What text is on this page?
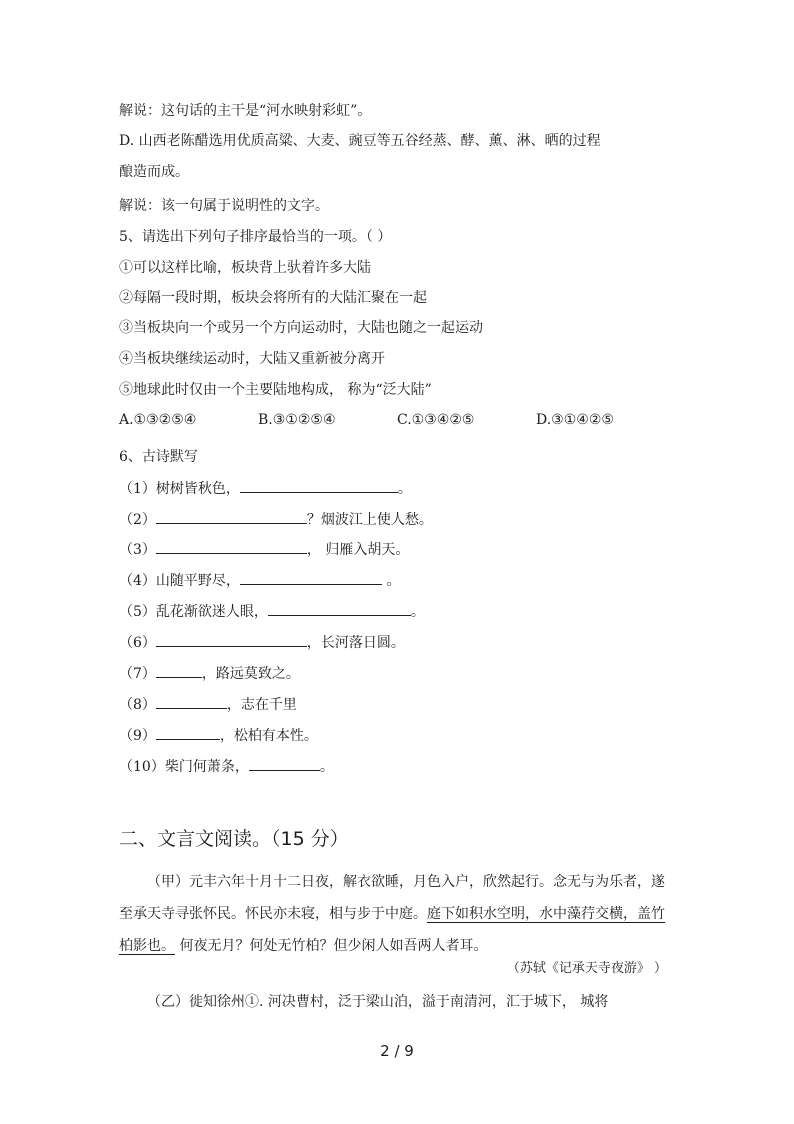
解说：这句话的主干是“河水映射彩虹”。
D. 山西老陈醋选用优质高粱、大麦、豌豆等五谷经蒸、酵、薰、淋、晒的过程
酿造而成。
解说：该一句属于说明性的文字。
5、请选出下列句子排序最恰当的一项。（ ）
①可以这样比喻，板块背上驮着许多大陆
②每隔一段时期，板块会将所有的大陆汇聚在一起
③当板块向一个或另一个方向运动时，大陆也随之一起运动
④当板块继续运动时，大陆又重新被分离开
⑤地球此时仅由一个主要陆地构成， 称为“泛大陆”
A.①③②⑤④	B.③①②⑤④	C.①③④②⑤	D.③①④②⑤
6、古诗默写
（1）树树皆秋色，	。
（2）	？烟波江上使人愁。
（3）	， 归雁入胡天。
（4）山随平野尽，	。
（5）乱花渐欲迷人眼，	。
（6）	，长河落日圆。
（7）	，路远莫致之。
（8）	，志在千里
（9）	，松柏有本性。
（10）柴门何萧条，	。
二、文言文阅读。（15 分）
（甲）元丰六年十月十二日夜，解衣欲睡，月色入户，欣然起行。念无与为乐者，遂至承天寺寻张怀民。怀民亦未寝，相与步于中庭。庭下如积水空明，水中藻荇交横，盖竹柏影也。 何夜无月？何处无竹柏？但少闲人如吾两人者耳。
（苏轼《记承天寺夜游》 ）
（乙）徙知徐州①. 河决曹村，泛于梁山泊，溢于南清河，汇于城下， 城将
2 / 9
